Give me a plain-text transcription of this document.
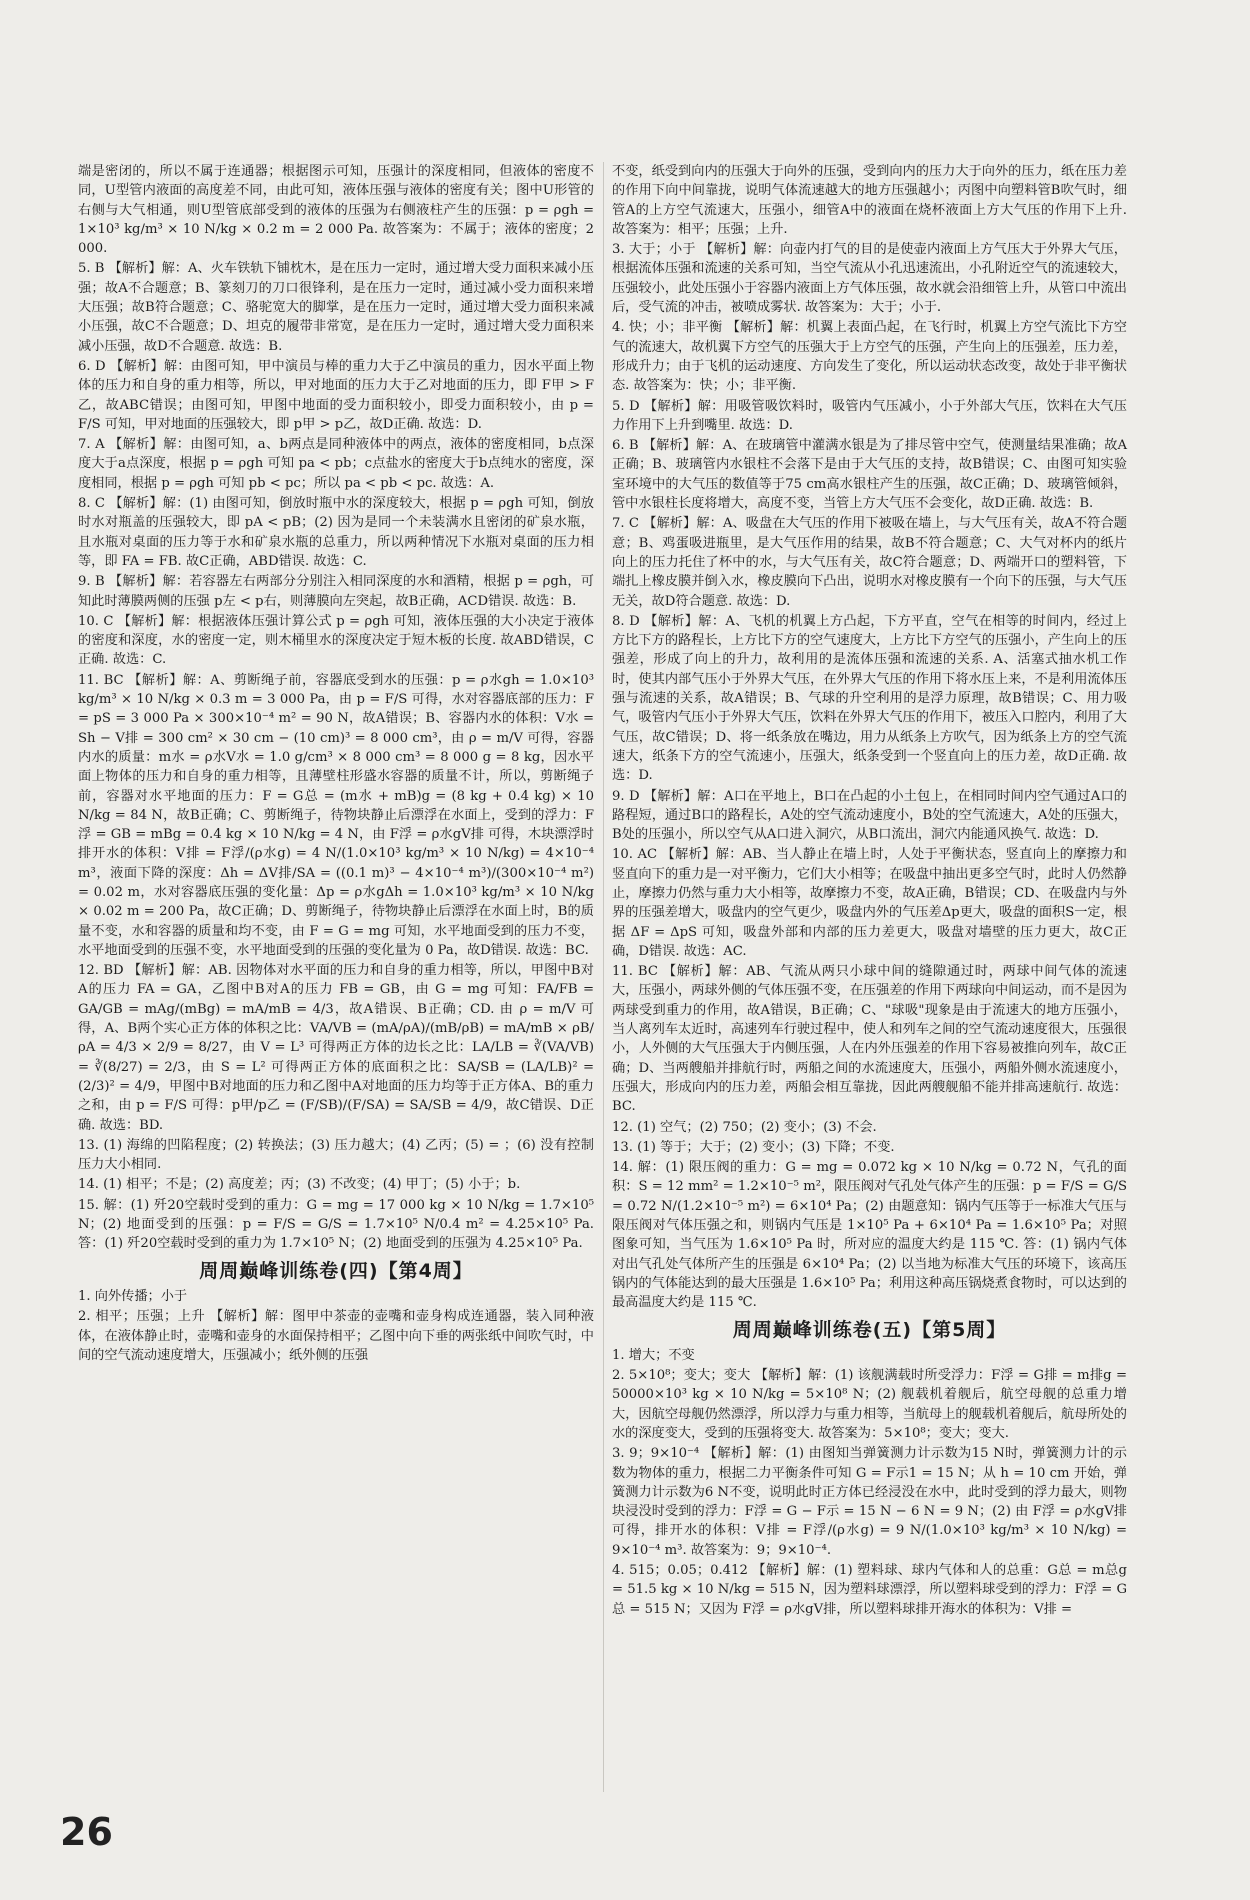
端是密闭的，所以不属于连通器；根据图示可知，压强计的深度相同，但液体的密度不同，U型管内液面的高度差不同，由此可知，液体压强与液体的密度有关；图中U形管的右侧与大气相通，则U型管底部受到的液体的压强为右侧液柱产生的压强：p = ρgh = 1×10³ kg/m³ × 10 N/kg × 0.2 m = 2 000 Pa. 故答案为：不属于；液体的密度；2 000.

5. B 【解析】解：A、火车铁轨下铺枕木，是在压力一定时，通过增大受力面积来减小压强；故A不合题意；B、篆刻刀的刀口很锋利，是在压力一定时，通过减小受力面积来增大压强；故B符合题意；C、骆驼宽大的脚掌，是在压力一定时，通过增大受力面积来减小压强，故C不合题意；D、坦克的履带非常宽，是在压力一定时，通过增大受力面积来减小压强，故D不合题意. 故选：B.

6. D 【解析】解：由图可知，甲中演员与棒的重力大于乙中演员的重力，因水平面上物体的压力和自身的重力相等，所以，甲对地面的压力大于乙对地面的压力，即 F甲 > F乙，故ABC错误；由图可知，甲图中地面的受力面积较小，即受力面积较小，由 p = F/S 可知，甲对地面的压强较大，即 p甲 > p乙，故D正确. 故选：D.

7. A 【解析】解：由图可知，a、b两点是同种液体中的两点，液体的密度相同，b点深度大于a点深度，根据 p = ρgh 可知 pa < pb；c点盐水的密度大于b点纯水的密度，深度相同，根据 p = ρgh 可知 pb < pc；所以 pa < pb < pc. 故选：A.

8. C 【解析】解：(1) 由图可知，倒放时瓶中水的深度较大，根据 p = ρgh 可知，倒放时水对瓶盖的压强较大，即 pA < pB；(2) 因为是同一个未装满水且密闭的矿泉水瓶，且水瓶对桌面的压力等于水和矿泉水瓶的总重力，所以两种情况下水瓶对桌面的压力相等，即 FA = FB. 故C正确，ABD错误. 故选：C.

9. B 【解析】解：若容器左右两部分分别注入相同深度的水和酒精，根据 p = ρgh，可知此时薄膜两侧的压强 p左 < p右，则薄膜向左突起，故B正确，ACD错误. 故选：B.

10. C 【解析】解：根据液体压强计算公式 p = ρgh 可知，液体压强的大小决定于液体的密度和深度，水的密度一定，则木桶里水的深度决定于短木板的长度. 故ABD错误，C正确. 故选：C.

11. BC 【解析】解：A、剪断绳子前，容器底受到水的压强：p = ρ水gh = 1.0×10³ kg/m³ × 10 N/kg × 0.3 m = 3 000 Pa，由 p = F/S 可得，水对容器底部的压力：F = pS = 3 000 Pa × 300×10⁻⁴ m² = 90 N，故A错误；B、容器内水的体积：V水 = Sh − V排 = 300 cm² × 30 cm − (10 cm)³ = 8 000 cm³，由 ρ = m/V 可得，容器内水的质量：m水 = ρ水V水 = 1.0 g/cm³ × 8 000 cm³ = 8 000 g = 8 kg，因水平面上物体的压力和自身的重力相等，且薄壁柱形盛水容器的质量不计，所以，剪断绳子前，容器对水平地面的压力：F = G总 = (m水 + mB)g = (8 kg + 0.4 kg) × 10 N/kg = 84 N，故B正确；C、剪断绳子，待物块静止后漂浮在水面上，受到的浮力：F浮 = GB = mBg = 0.4 kg × 10 N/kg = 4 N，由 F浮 = ρ水gV排 可得，木块漂浮时排开水的体积：V排 = F浮/(ρ水g) = 4 N/(1.0×10³ kg/m³ × 10 N/kg) = 4×10⁻⁴ m³，液面下降的深度：Δh = ΔV排/SA = ((0.1 m)³ − 4×10⁻⁴ m³)/(300×10⁻⁴ m²) = 0.02 m，水对容器底压强的变化量：Δp = ρ水gΔh = 1.0×10³ kg/m³ × 10 N/kg × 0.02 m = 200 Pa，故C正确；D、剪断绳子，待物块静止后漂浮在水面上时，B的质量不变，水和容器的质量和均不变，由 F = G = mg 可知，水平地面受到的压力不变，水平地面受到的压强不变，水平地面受到的压强的变化量为 0 Pa，故D错误. 故选：BC.

12. BD 【解析】解：AB. 因物体对水平面的压力和自身的重力相等，所以，甲图中B对A的压力 FA = GA，乙图中B对A的压力 FB = GB，由 G = mg 可知：FA/FB = GA/GB = mAg/(mBg) = mA/mB = 4/3，故A错误、B正确；CD. 由 ρ = m/V 可得，A、B两个实心正方体的体积之比：VA/VB = (mA/ρA)/(mB/ρB) = mA/mB × ρB/ρA = 4/3 × 2/9 = 8/27，由 V = L³ 可得两正方体的边长之比：LA/LB = ∛(VA/VB) = ∛(8/27) = 2/3，由 S = L² 可得两正方体的底面积之比：SA/SB = (LA/LB)² = (2/3)² = 4/9，甲图中B对地面的压力和乙图中A对地面的压力均等于正方体A、B的重力之和，由 p = F/S 可得：p甲/p乙 = (F/SB)/(F/SA) = SA/SB = 4/9，故C错误、D正确. 故选：BD.

13. (1) 海绵的凹陷程度；(2) 转换法；(3) 压力越大；(4) 乙丙；(5) = ；(6) 没有控制压力大小相同.

14. (1) 相平；不是；(2) 高度差；丙；(3) 不改变；(4) 甲丁；(5) 小于；b.

15. 解：(1) 歼20空载时受到的重力：G = mg = 17 000 kg × 10 N/kg = 1.7×10⁵ N；(2) 地面受到的压强：p = F/S = G/S = 1.7×10⁵ N/0.4 m² = 4.25×10⁵ Pa. 答：(1) 歼20空载时受到的重力为 1.7×10⁵ N；(2) 地面受到的压强为 4.25×10⁵ Pa.

周周巅峰训练卷(四)【第4周】

1. 向外传播；小于

2. 相平；压强；上升 【解析】解：图甲中茶壶的壶嘴和壶身构成连通器，装入同种液体，在液体静止时，壶嘴和壶身的水面保持相平；乙图中向下垂的两张纸中间吹气时，中间的空气流动速度增大，压强减小；纸外侧的压强

不变，纸受到向内的压强大于向外的压强，受到向内的压力大于向外的压力，纸在压力差的作用下向中间靠拢，说明气体流速越大的地方压强越小；丙图中向塑料管B吹气时，细管A的上方空气流速大，压强小，细管A中的液面在烧杯液面上方大气压的作用下上升. 故答案为：相平；压强；上升.

3. 大于；小于 【解析】解：向壶内打气的目的是使壶内液面上方气压大于外界大气压，根据流体压强和流速的关系可知，当空气流从小孔迅速流出，小孔附近空气的流速较大，压强较小，此处压强小于容器内液面上方气体压强，故水就会沿细管上升，从管口中流出后，受气流的冲击，被喷成雾状. 故答案为：大于；小于.

4. 快；小；非平衡 【解析】解：机翼上表面凸起，在飞行时，机翼上方空气流比下方空气的流速大，故机翼下方空气的压强大于上方空气的压强，产生向上的压强差，压力差，形成升力；由于飞机的运动速度、方向发生了变化，所以运动状态改变，故处于非平衡状态. 故答案为：快；小；非平衡.

5. D 【解析】解：用吸管吸饮料时，吸管内气压减小，小于外部大气压，饮料在大气压力作用下上升到嘴里. 故选：D.

6. B 【解析】解：A、在玻璃管中灌满水银是为了排尽管中空气，使测量结果准确；故A正确；B、玻璃管内水银柱不会落下是由于大气压的支持，故B错误；C、由图可知实验室环境中的大气压的数值等于75 cm高水银柱产生的压强，故C正确；D、玻璃管倾斜，管中水银柱长度将增大，高度不变，当管上方大气压不会变化，故D正确. 故选：B.

7. C 【解析】解：A、吸盘在大气压的作用下被吸在墙上，与大气压有关，故A不符合题意；B、鸡蛋吸进瓶里，是大气压作用的结果，故B不符合题意；C、大气对杯内的纸片向上的压力托住了杯中的水，与大气压有关，故C符合题意；D、两端开口的塑料管，下端扎上橡皮膜并倒入水，橡皮膜向下凸出，说明水对橡皮膜有一个向下的压强，与大气压无关，故D符合题意. 故选：D.

8. D 【解析】解：A、飞机的机翼上方凸起，下方平直，空气在相等的时间内，经过上方比下方的路程长，上方比下方的空气速度大，上方比下方空气的压强小，产生向上的压强差，形成了向上的升力，故利用的是流体压强和流速的关系. A、活塞式抽水机工作时，使其内部气压小于外界大气压，在外界大气压的作用下将水压上来，不是利用流体压强与流速的关系，故A错误；B、气球的升空利用的是浮力原理，故B错误；C、用力吸气，吸管内气压小于外界大气压，饮料在外界大气压的作用下，被压入口腔内，利用了大气压，故C错误；D、将一纸条放在嘴边，用力从纸条上方吹气，因为纸条上方的空气流速大，纸条下方的空气流速小，压强大，纸条受到一个竖直向上的压力差，故D正确. 故选：D.

9. D 【解析】解：A口在平地上，B口在凸起的小土包上，在相同时间内空气通过A口的路程短，通过B口的路程长，A处的空气流动速度小，B处的空气流速大，A处的压强大，B处的压强小，所以空气从A口进入洞穴，从B口流出，洞穴内能通风换气. 故选：D.

10. AC 【解析】解：AB、当人静止在墙上时，人处于平衡状态，竖直向上的摩擦力和竖直向下的重力是一对平衡力，它们大小相等；在吸盘中抽出更多空气时，此时人仍然静止，摩擦力仍然与重力大小相等，故摩擦力不变，故A正确，B错误；CD、在吸盘内与外界的压强差增大，吸盘内的空气更少，吸盘内外的气压差Δp更大，吸盘的面积S一定，根据 ΔF = ΔpS 可知，吸盘外部和内部的压力差更大，吸盘对墙壁的压力更大，故C正确，D错误. 故选：AC.

11. BC 【解析】解：AB、气流从两只小球中间的缝隙通过时，两球中间气体的流速大，压强小，两球外侧的气体压强不变，在压强差的作用下两球向中间运动，而不是因为两球受到重力的作用，故A错误，B正确；C、"球吸"现象是由于流速大的地方压强小，当人离列车太近时，高速列车行驶过程中，使人和列车之间的空气流动速度很大，压强很小，人外侧的大气压强大于内侧压强，人在内外压强差的作用下容易被推向列车，故C正确；D、当两艘船并排航行时，两船之间的水流速度大，压强小，两船外侧水流速度小，压强大，形成向内的压力差，两船会相互靠拢，因此两艘舰船不能并排高速航行. 故选：BC.

12. (1) 空气；(2) 750；(2) 变小；(3) 不会.

13. (1) 等于；大于；(2) 变小；(3) 下降；不变.

14. 解：(1) 限压阀的重力：G = mg = 0.072 kg × 10 N/kg = 0.72 N，气孔的面积：S = 12 mm² = 1.2×10⁻⁵ m²，限压阀对气孔处气体产生的压强：p = F/S = G/S = 0.72 N/(1.2×10⁻⁵ m²) = 6×10⁴ Pa；(2) 由题意知：锅内气压等于一标准大气压与限压阀对气体压强之和，则锅内气压是 1×10⁵ Pa + 6×10⁴ Pa = 1.6×10⁵ Pa；对照图象可知，当气压为 1.6×10⁵ Pa 时，所对应的温度大约是 115 ℃. 答：(1) 锅内气体对出气孔处气体所产生的压强是 6×10⁴ Pa；(2) 以当地为标准大气压的环境下，该高压锅内的气体能达到的最大压强是 1.6×10⁵ Pa；利用这种高压锅烧煮食物时，可以达到的最高温度大约是 115 ℃.

周周巅峰训练卷(五)【第5周】

1. 增大；不变

2. 5×10⁸；变大；变大 【解析】解：(1) 该舰满载时所受浮力：F浮 = G排 = m排g = 50000×10³ kg × 10 N/kg = 5×10⁸ N；(2) 舰载机着舰后，航空母舰的总重力增大，因航空母舰仍然漂浮，所以浮力与重力相等，当航母上的舰载机着舰后，航母所处的水的深度变大，受到的压强将变大. 故答案为：5×10⁸；变大；变大.

3. 9；9×10⁻⁴ 【解析】解：(1) 由图知当弹簧测力计示数为15 N时，弹簧测力计的示数为物体的重力，根据二力平衡条件可知 G = F示1 = 15 N；从 h = 10 cm 开始，弹簧测力计示数为6 N不变，说明此时正方体已经浸没在水中，此时受到的浮力最大，则物块浸没时受到的浮力：F浮 = G − F示 = 15 N − 6 N = 9 N；(2) 由 F浮 = ρ水gV排 可得，排开水的体积：V排 = F浮/(ρ水g) = 9 N/(1.0×10³ kg/m³ × 10 N/kg) = 9×10⁻⁴ m³. 故答案为：9；9×10⁻⁴.

4. 515；0.05；0.412 【解析】解：(1) 塑料球、球内气体和人的总重：G总 = m总g = 51.5 kg × 10 N/kg = 515 N，因为塑料球漂浮，所以塑料球受到的浮力：F浮 = G总 = 515 N；又因为 F浮 = ρ水gV排，所以塑料球排开海水的体积为：V排 =

26
